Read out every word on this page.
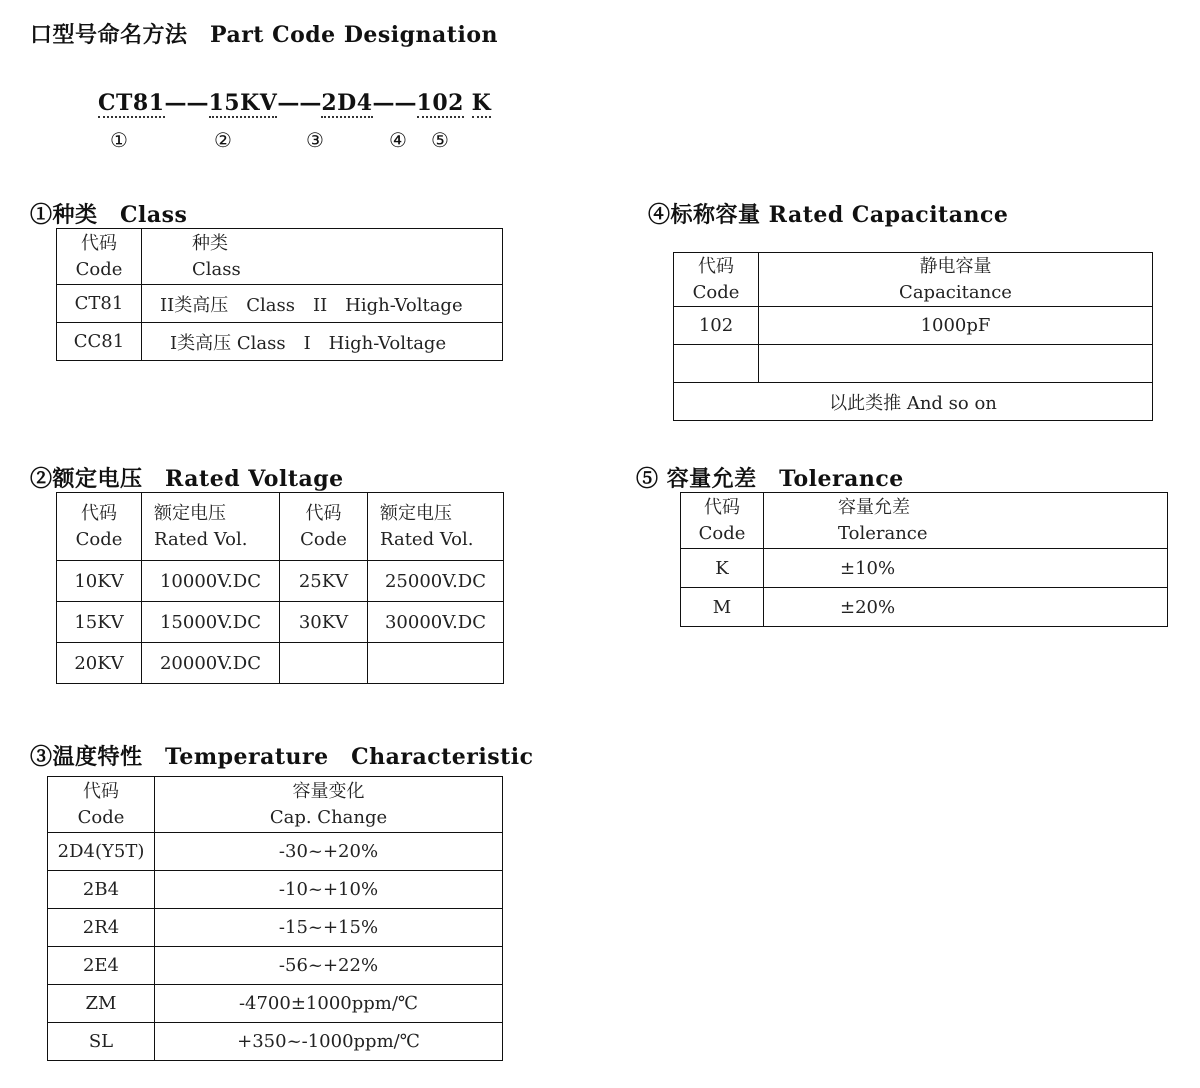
口型号命名方法　Part Code Designation
CT81——15KV——2D4——102 K
①	②	③	④ ⑤
①种类　Class
代码
Code	种类
Class

CT81	II类高压　Class　II　High-Voltage
CC81	I类高压 Class　I　High-Voltage
②额定电压　Rated Voltage
代码
Code	额定电压
Rated Vol.	代码
Code	额定电压
Rated Vol.

10KV	10000V.DC	25KV	25000V.DC
15KV	15000V.DC	30KV	30000V.DC
20KV	20000V.DC		
③温度特性　Temperature　Characteristic
代码
Code	容量变化
Cap. Change

2D4(Y5T)	-30~+20%
2B4	-10~+10%
2R4	-15~+15%
2E4	-56~+22%
ZM	-4700±1000ppm/℃
SL	+350~-1000ppm/℃
④标称容量 Rated Capacitance
代码
Code	静电容量
Capacitance

102	1000pF

以此类推 And so on	
⑤ 容量允差　Tolerance
代码
Code	容量允差
Tolerance

K	±10%
M	±20%
